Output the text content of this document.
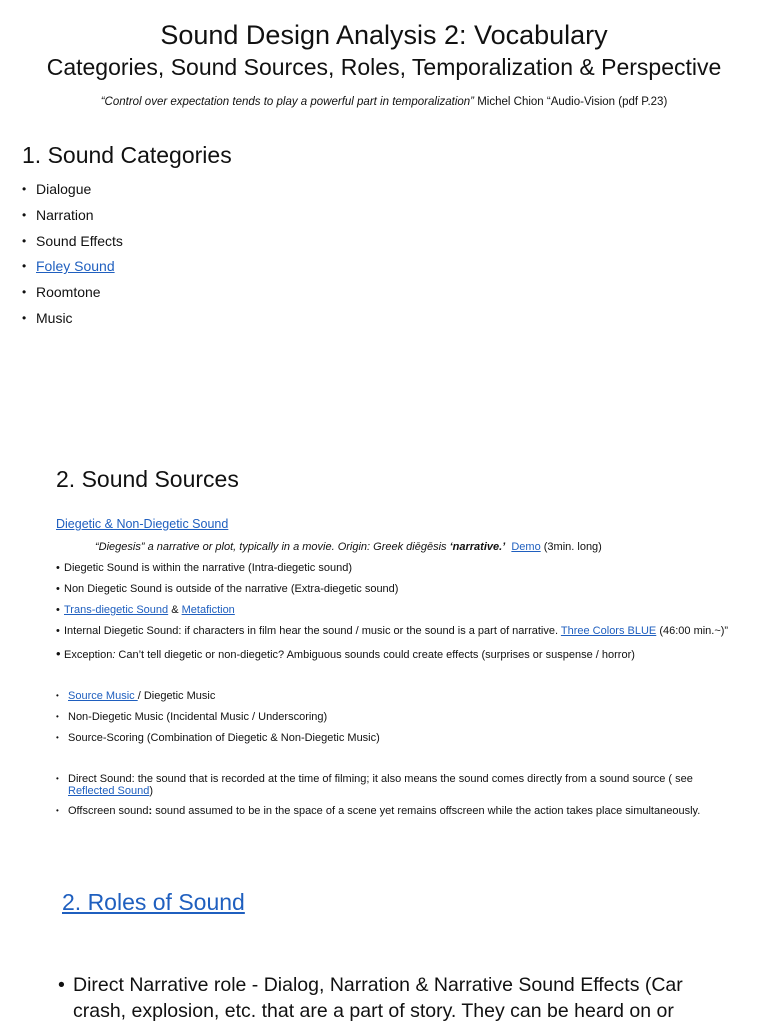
Sound Design Analysis 2: Vocabulary
Categories, Sound Sources, Roles, Temporalization & Perspective
“Control over expectation tends to play a powerful part in temporalization” Michel Chion “Audio-Vision (pdf P.23)
1. Sound Categories
• Dialogue
• Narration
• Sound Effects
• Foley Sound
• Roomtone
• Music
2. Sound Sources
Diegetic & Non-Diegetic Sound
“Diegesis” a narrative or plot, typically in a movie. Origin: Greek diēgēsis ‘narrative.’ Demo (3min. long)
• Diegetic Sound is within the narrative (Intra-diegetic sound)
• Non Diegetic Sound is outside of the narrative (Extra-diegetic sound)
• Trans-diegetic Sound & Metafiction
• Internal Diegetic Sound: if characters in film hear the sound / music or the sound is a part of narrative. Three Colors BLUE (46:00 min.~)”
• Exception: Can’t tell diegetic or non-diegetic? Ambiguous sounds could create effects (surprises or suspense / horror)
• Source Music / Diegetic Music
• Non-Diegetic Music (Incidental Music / Underscoring)
• Source-Scoring (Combination of Diegetic & Non-Diegetic Music)
• Direct Sound: the sound that is recorded at the time of filming; it also means the sound comes directly from a sound source ( see Reflected Sound)
• Offscreen sound: sound assumed to be in the space of a scene yet remains offscreen while the action takes place simultaneously.
2. Roles of Sound
• Direct Narrative role - Dialog, Narration & Narrative Sound Effects (Car crash, explosion, etc. that are a part of story. They can be heard on or
